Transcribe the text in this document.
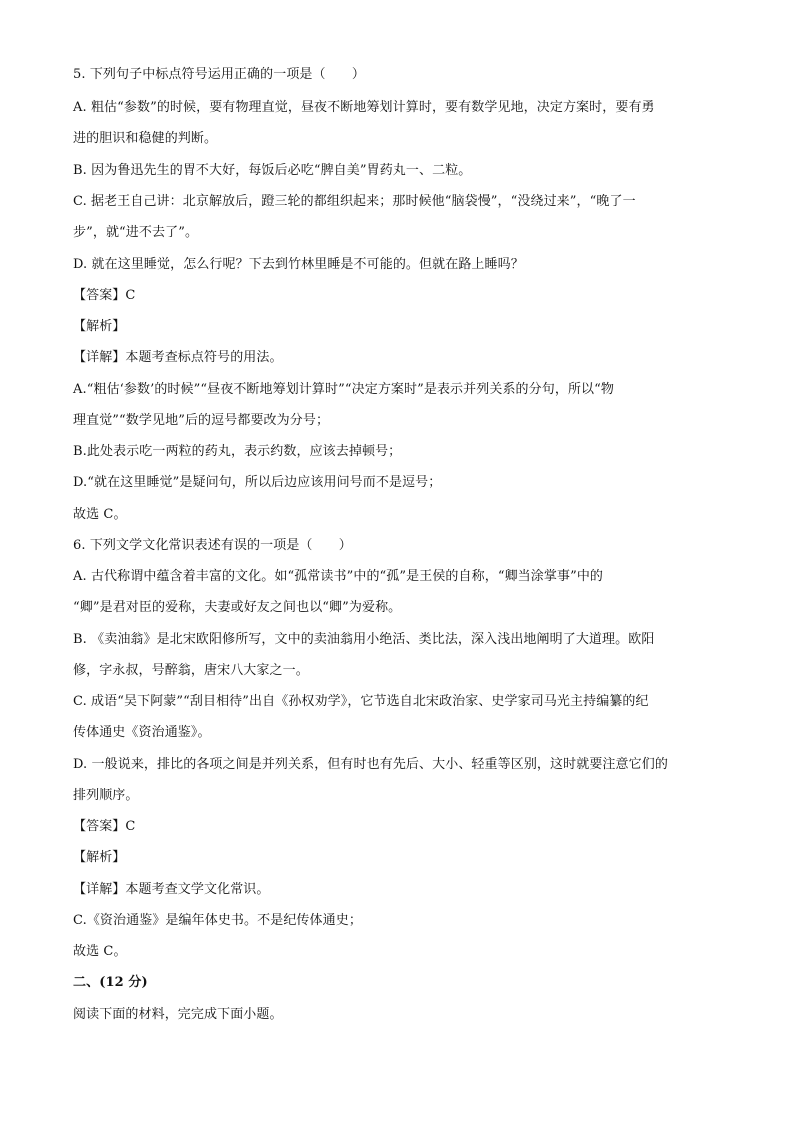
5. 下列句子中标点符号运用正确的一项是（　　）
A. 粗估“参数”的时候，要有物理直觉，昼夜不断地筹划计算时，要有数学见地，决定方案时，要有勇
进的胆识和稳健的判断。
B. 因为鲁迅先生的胃不大好，每饭后必吃“脾自美”胃药丸一、二粒。
C. 据老王自己讲：北京解放后，蹬三轮的都组织起来；那时候他“脑袋慢”，“没绕过来”，“晚了一
步”，就“进不去了”。
D. 就在这里睡觉，怎么行呢？下去到竹林里睡是不可能的。但就在路上睡吗？
【答案】C
【解析】
【详解】本题考查标点符号的用法。
A.“粗估‘参数’的时候”“昼夜不断地筹划计算时”“决定方案时”是表示并列关系的分句，所以“物
理直觉”“数学见地”后的逗号都要改为分号；
B.此处表示吃一两粒的药丸，表示约数，应该去掉顿号；
D.“就在这里睡觉”是疑问句，所以后边应该用问号而不是逗号；
故选 C。
6. 下列文学文化常识表述有误的一项是（　　）
A. 古代称谓中蕴含着丰富的文化。如“孤常读书”中的“孤”是王侯的自称，“卿当涂掌事”中的
“卿”是君对臣的爱称，夫妻或好友之间也以“卿”为爱称。
B. 《卖油翁》是北宋欧阳修所写，文中的卖油翁用小绝活、类比法，深入浅出地阐明了大道理。欧阳
修，字永叔，号醉翁，唐宋八大家之一。
C. 成语“吴下阿蒙”“刮目相待”出自《孙权劝学》，它节选自北宋政治家、史学家司马光主持编纂的纪
传体通史《资治通鉴》。
D. 一般说来，排比的各项之间是并列关系，但有时也有先后、大小、轻重等区别，这时就要注意它们的
排列顺序。
【答案】C
【解析】
【详解】本题考查文学文化常识。
C.《资治通鉴》是编年体史书。不是纪传体通史；
故选 C。
二、(12 分)
阅读下面的材料，完完成下面小题。
